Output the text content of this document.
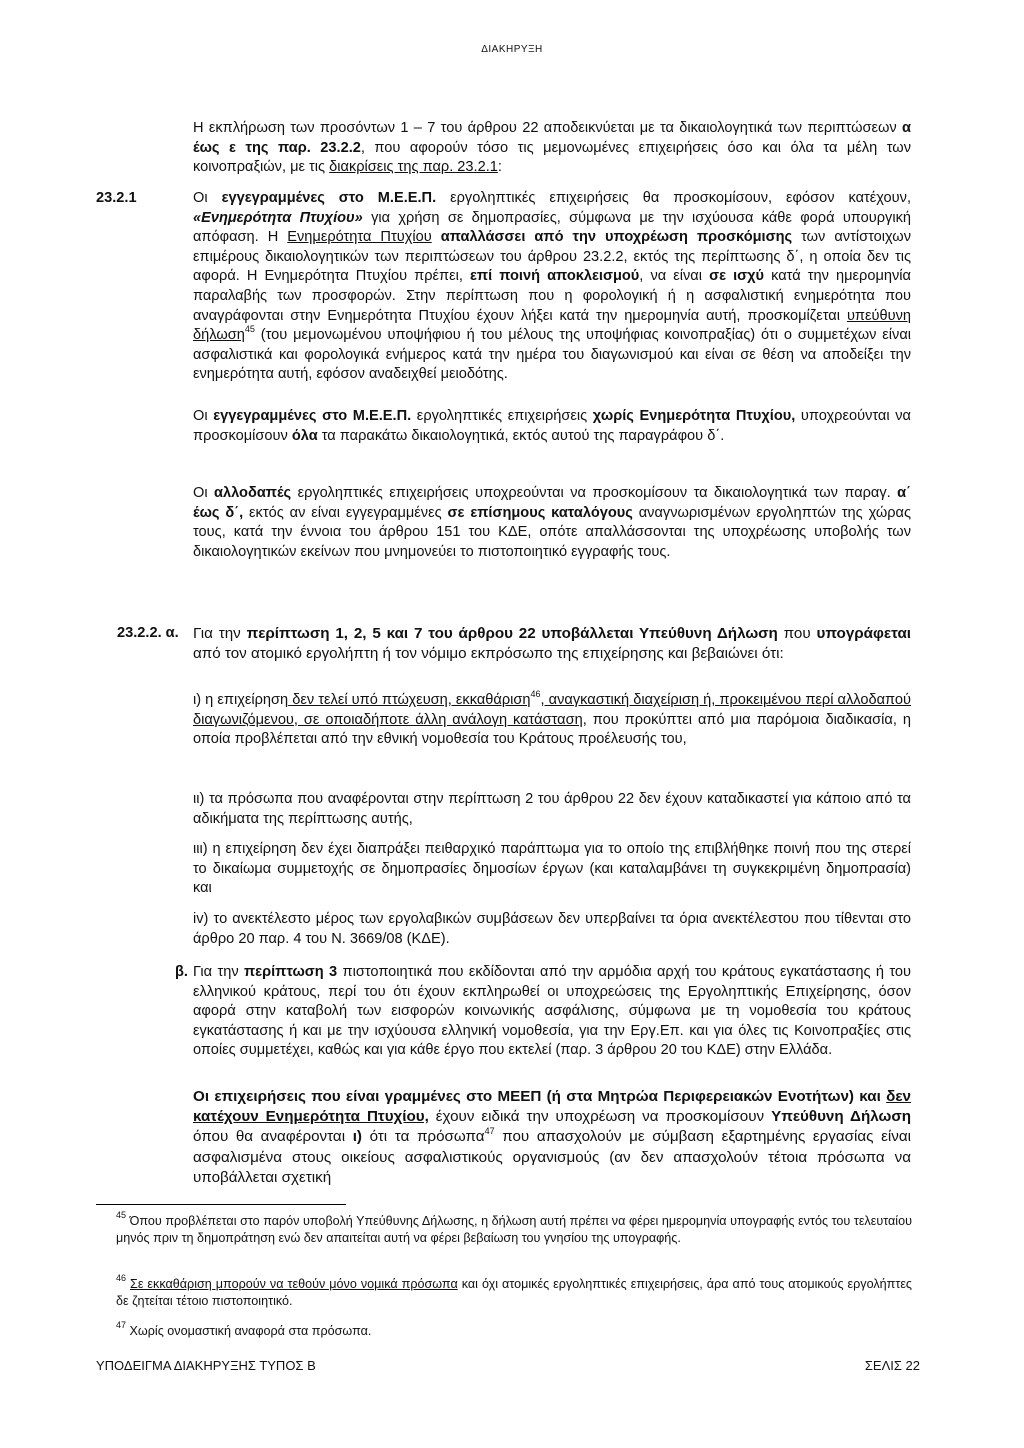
ΔΙΑΚΗΡΥΞΗ

Η εκπλήρωση των προσόντων 1 – 7 του άρθρου 22 αποδεικνύεται με τα δικαιολογητικά των περιπτώσεων α έως ε της παρ. 23.2.2, που αφορούν τόσο τις μεμονωμένες επιχειρήσεις όσο και όλα τα μέλη των κοινοπραξιών, με τις διακρίσεις της παρ. 23.2.1:

23.2.1	Οι εγγεγραμμένες στο Μ.Ε.Ε.Π. εργοληπτικές επιχειρήσεις θα προσκομίσουν, εφόσον κατέχουν, «Ενημερότητα Πτυχίου» για χρήση σε δημοπρασίες, σύμφωνα με την ισχύουσα κάθε φορά υπουργική απόφαση. Η Ενημερότητα Πτυχίου απαλλάσσει από την υποχρέωση προσκόμισης των αντίστοιχων επιμέρους δικαιολογητικών των περιπτώσεων του άρθρου 23.2.2, εκτός της περίπτωσης δ΄, η οποία δεν τις αφορά. Η Ενημερότητα Πτυχίου πρέπει, επί ποινή αποκλεισμού, να είναι σε ισχύ κατά την ημερομηνία παραλαβής των προσφορών. Στην περίπτωση που η φορολογική ή η ασφαλιστική ενημερότητα που αναγράφονται στην Ενημερότητα Πτυχίου έχουν λήξει κατά την ημερομηνία αυτή, προσκομίζεται υπεύθυνη δήλωση$^{45}$ (του μεμονωμένου υποψήφιου ή του μέλους της υποψήφιας κοινοπραξίας) ότι ο συμμετέχων είναι ασφαλιστικά και φορολογικά ενήμερος κατά την ημέρα του διαγωνισμού και είναι σε θέση να αποδείξει την ενημερότητα αυτή, εφόσον αναδειχθεί μειοδότης.

Οι εγγεγραμμένες στο Μ.Ε.Ε.Π. εργοληπτικές επιχειρήσεις χωρίς Ενημερότητα Πτυχίου, υποχρεούνται να προσκομίσουν όλα τα παρακάτω δικαιολογητικά, εκτός αυτού της παραγράφου δ΄.

Οι αλλοδαπές εργοληπτικές επιχειρήσεις υποχρεούνται να προσκομίσουν τα δικαιολογητικά των παραγ. α΄ έως δ΄, εκτός αν είναι εγγεγραμμένες σε επίσημους καταλόγους αναγνωρισμένων εργοληπτών της χώρας τους, κατά την έννοια του άρθρου 151 του ΚΔΕ, οπότε απαλλάσσονται της υποχρέωσης υποβολής των δικαιολογητικών εκείνων που μνημονεύει το πιστοποιητικό εγγραφής τους.

23.2.2. α. Για την περίπτωση 1, 2, 5 και 7 του άρθρου 22 υποβάλλεται Υπεύθυνη Δήλωση που υπογράφεται από τον ατομικό εργολήπτη ή τον νόμιμο εκπρόσωπο της επιχείρησης και βεβαιώνει ότι:

ι) η επιχείρηση δεν τελεί υπό πτώχευση, εκκαθάριση$^{46}$, αναγκαστική διαχείριση ή, προκειμένου περί αλλοδαπού διαγωνιζόμενου, σε οποιαδήποτε άλλη ανάλογη κατάσταση, που προκύπτει από μια παρόμοια διαδικασία, η οποία προβλέπεται από την εθνική νομοθεσία του Κράτους προέλευσής του,

ιι) τα πρόσωπα που αναφέρονται στην περίπτωση 2 του άρθρου 22 δεν έχουν καταδικαστεί για κάποιο από τα αδικήματα της περίπτωσης αυτής,

ιιι) η επιχείρηση δεν έχει διαπράξει πειθαρχικό παράπτωμα για το οποίο της επιβλήθηκε ποινή που της στερεί το δικαίωμα συμμετοχής σε δημοπρασίες δημοσίων έργων (και καταλαμβάνει τη συγκεκριμένη δημοπρασία) και

iv) το ανεκτέλεστο μέρος των εργολαβικών συμβάσεων δεν υπερβαίνει τα όρια ανεκτέλεστου που τίθενται στο άρθρο 20 παρ. 4 του Ν. 3669/08 (ΚΔΕ).

β. Για την περίπτωση 3 πιστοποιητικά που εκδίδονται από την αρμόδια αρχή του κράτους εγκατάστασης ή του ελληνικού κράτους, περί του ότι έχουν εκπληρωθεί οι υποχρεώσεις της Εργοληπτικής Επιχείρησης, όσον αφορά στην καταβολή των εισφορών κοινωνικής ασφάλισης, σύμφωνα με τη νομοθεσία του κράτους εγκατάστασης ή και με την ισχύουσα ελληνική νομοθεσία, για την Εργ.Επ. και για όλες τις Κοινοπραξίες στις οποίες συμμετέχει, καθώς και για κάθε έργο που εκτελεί (παρ. 3 άρθρου 20 του ΚΔΕ) στην Ελλάδα.

Οι επιχειρήσεις που είναι γραμμένες στο ΜΕΕΠ (ή στα Μητρώα Περιφερειακών Ενοτήτων) και δεν κατέχουν Ενημερότητα Πτυχίου, έχουν ειδικά την υποχρέωση να προσκομίσουν Υπεύθυνη Δήλωση όπου θα αναφέρονται ι) ότι τα πρόσωπα$^{47}$ που απασχολούν με σύμβαση εξαρτημένης εργασίας είναι ασφαλισμένα στους οικείους ασφαλιστικούς οργανισμούς (αν δεν απασχολούν τέτοια πρόσωπα να υποβάλλεται σχετική

$^{45}$ Όπου προβλέπεται στο παρόν υποβολή Υπεύθυνης Δήλωσης, η δήλωση αυτή πρέπει να φέρει ημερομηνία υπογραφής εντός του τελευταίου μηνός πριν τη δημοπράτηση ενώ δεν απαιτείται αυτή να φέρει βεβαίωση του γνησίου της υπογραφής.

$^{46}$ Σε εκκαθάριση μπορούν να τεθούν μόνο νομικά πρόσωπα και όχι ατομικές εργοληπτικές επιχειρήσεις, άρα από τους ατομικούς εργολήπτες δε ζητείται τέτοιο πιστοποιητικό.

$^{47}$ Χωρίς ονομαστική αναφορά στα πρόσωπα.

ΥΠΟΔΕΙΓΜΑ ΔΙΑΚΗΡΥΞΗΣ ΤΥΠΟΣ Β	ΣΕΛΙΣ 22
